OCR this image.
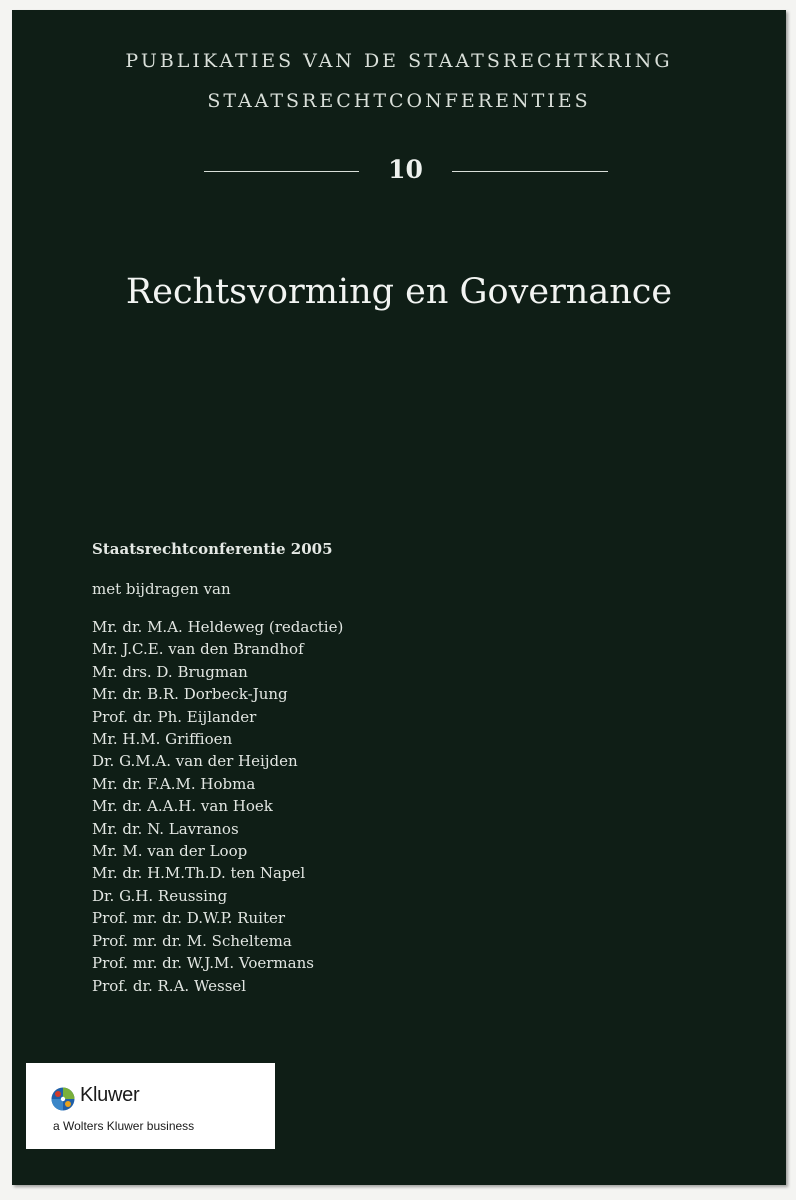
PUBLIKATIES VAN DE STAATSRECHTKRING
STAATSRECHTCONFERENTIES
10
Rechtsvorming en Governance
Staatsrechtconferentie 2005
met bijdragen van
Mr. dr. M.A. Heldeweg (redactie)
Mr. J.C.E. van den Brandhof
Mr. drs. D. Brugman
Mr. dr. B.R. Dorbeck-Jung
Prof. dr. Ph. Eijlander
Mr. H.M. Griffioen
Dr. G.M.A. van der Heijden
Mr. dr. F.A.M. Hobma
Mr. dr. A.A.H. van Hoek
Mr. dr. N. Lavranos
Mr. M. van der Loop
Mr. dr. H.M.Th.D. ten Napel
Dr. G.H. Reussing
Prof. mr. dr. D.W.P. Ruiter
Prof. mr. dr. M. Scheltema
Prof. mr. dr. W.J.M. Voermans
Prof. dr. R.A. Wessel
Kluwer
a Wolters Kluwer business
